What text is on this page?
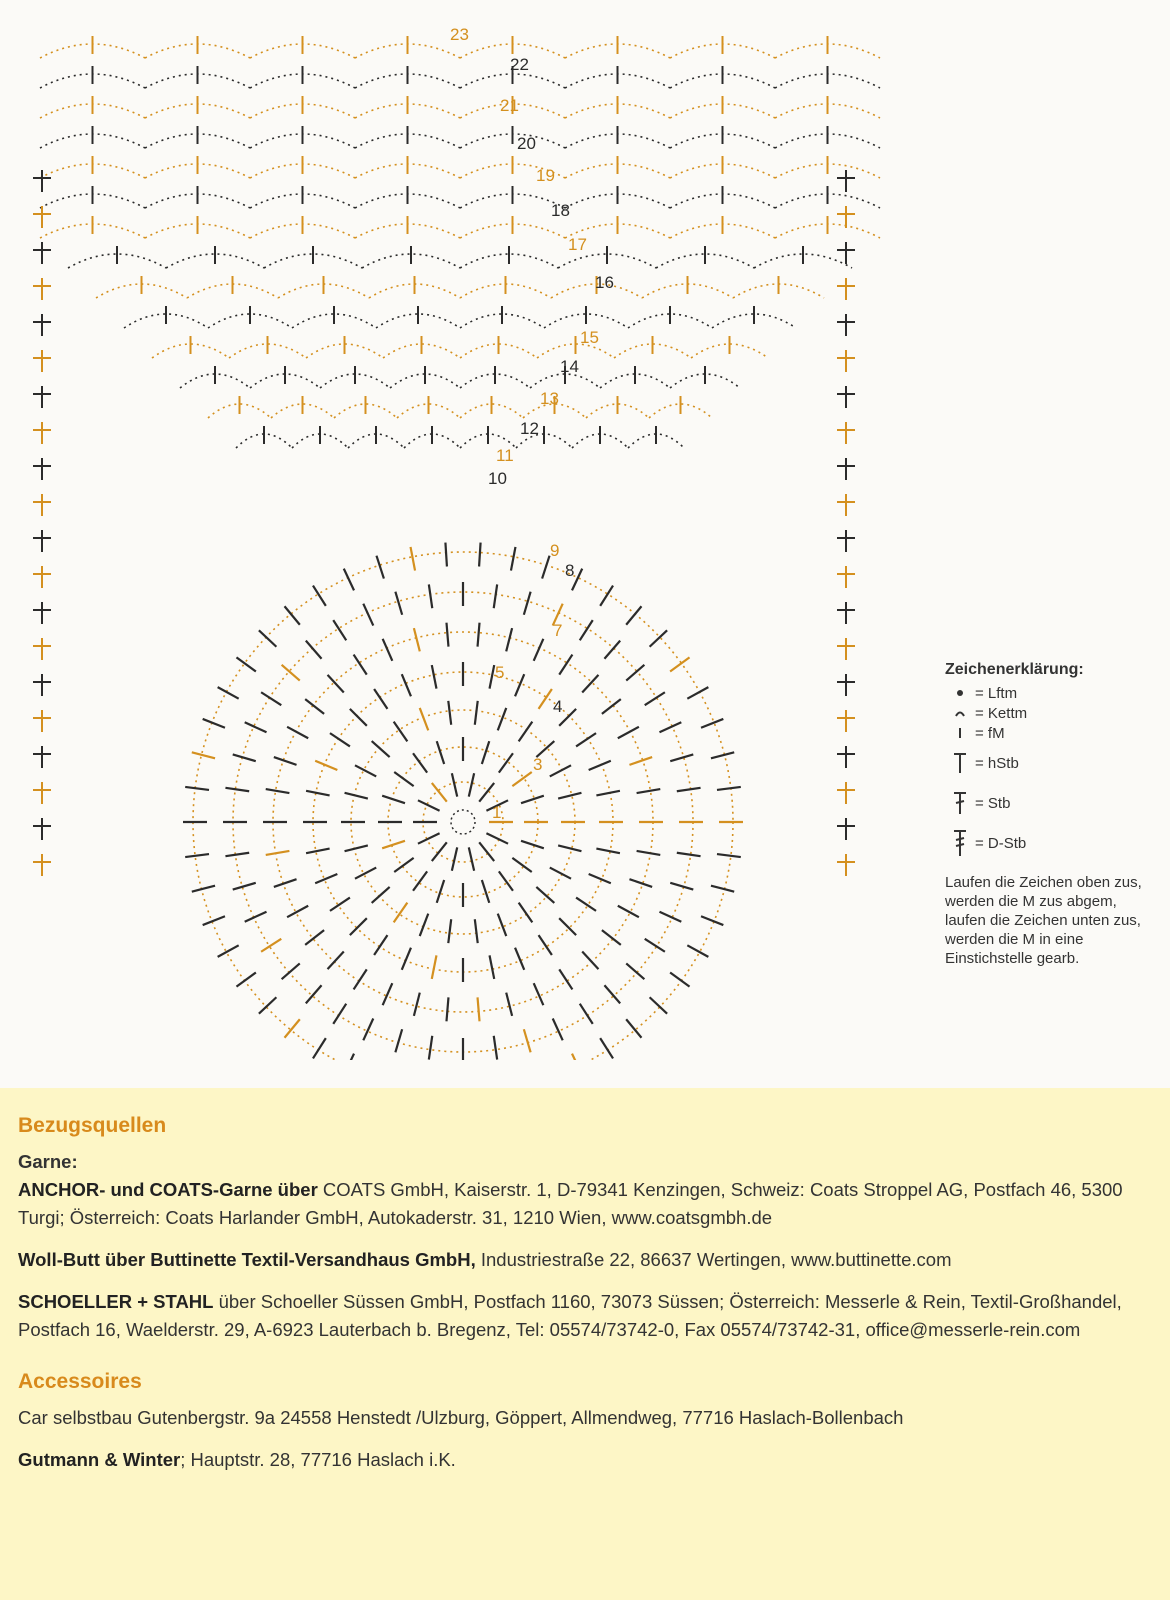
1
3
4
5
7
8
9
10
11
12
13
14
15
16
17
18
19
20
21
22
23
Zeichenerklärung:
= Lftm
= Kettm
= fM
= hStb
= Stb
= D-Stb
Laufen die Zeichen oben zus, werden die M zus abgem, laufen die Zeichen unten zus, werden die M in eine Einstichstelle gearb.
Bezugsquellen
Garne:

ANCHOR- und COATS-Garne über COATS GmbH, Kaiserstr. 1, D-79341 Kenzingen, Schweiz: Coats Stroppel AG, Postfach 46, 5300 Turgi; Österreich: Coats Harlander GmbH, Autokaderstr. 31, 1210 Wien, www.coatsgmbh.de

Woll-Butt über Buttinette Textil-Versandhaus GmbH, Industriestraße 22, 86637 Wertingen, www.buttinette.com

SCHOELLER + STAHL über Schoeller Süssen GmbH, Postfach 1160, 73073 Süssen; Österreich: Messerle & Rein, Textil-Großhandel, Postfach 16, Waelderstr. 29, A-6923 Lauterbach b. Bregenz, Tel: 05574/73742-0, Fax 05574/73742-31, office@messerle-rein.com

Accessoires

Car selbstbau Gutenbergstr. 9a 24558 Henstedt /Ulzburg, Göppert, Allmendweg, 77716 Haslach-Bollenbach

Gutmann & Winter; Hauptstr. 28, 77716 Haslach i.K.
